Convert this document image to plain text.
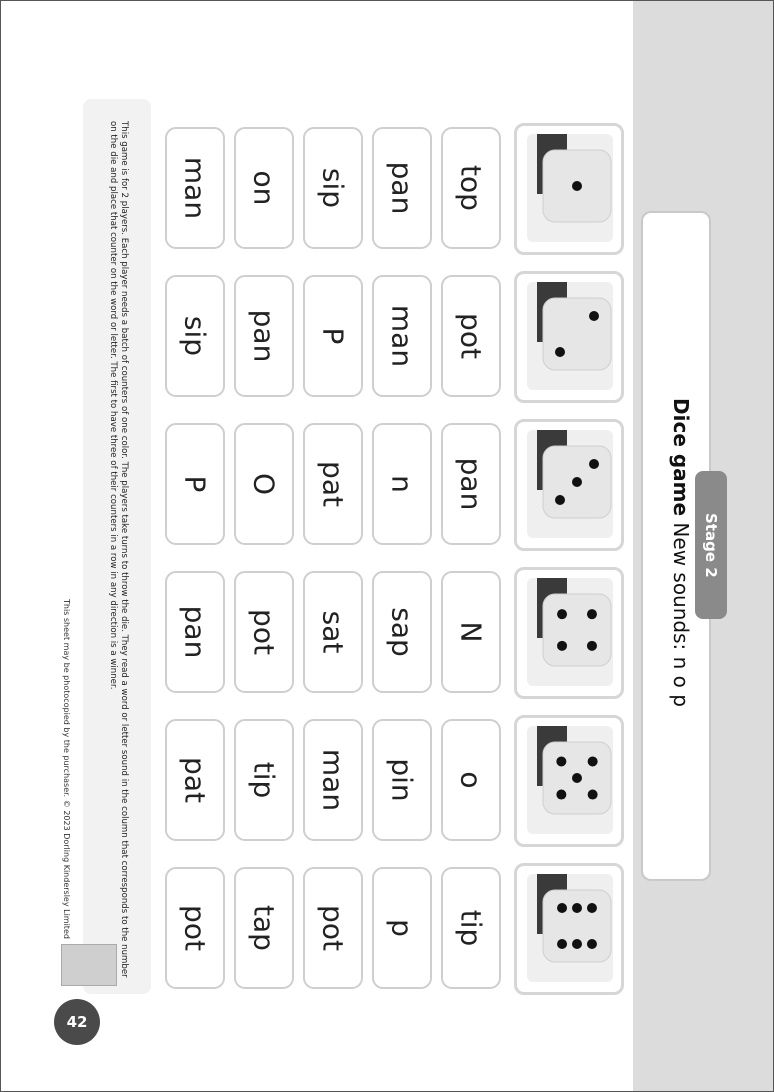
Dice game New sounds: n o p
Stage 2
top
pan
sip
on
man
pot
man
P
pan
sip
pan
n
pat
O
P
N
sap
sat
pot
pan
o
pin
man
tip
pat
tip
p
pot
tap
pot
This game is for 2 players. Each player needs a batch of counters of one color. The players take turns to throw the die. They read a word or letter sound in the column that corresponds to the number on the die and place that counter on the word or letter. The first to have three of their counters in a row in any direction is a winner.
This sheet may be photocopied by the purchaser. © 2023 Dorling Kindersley Limited
42
